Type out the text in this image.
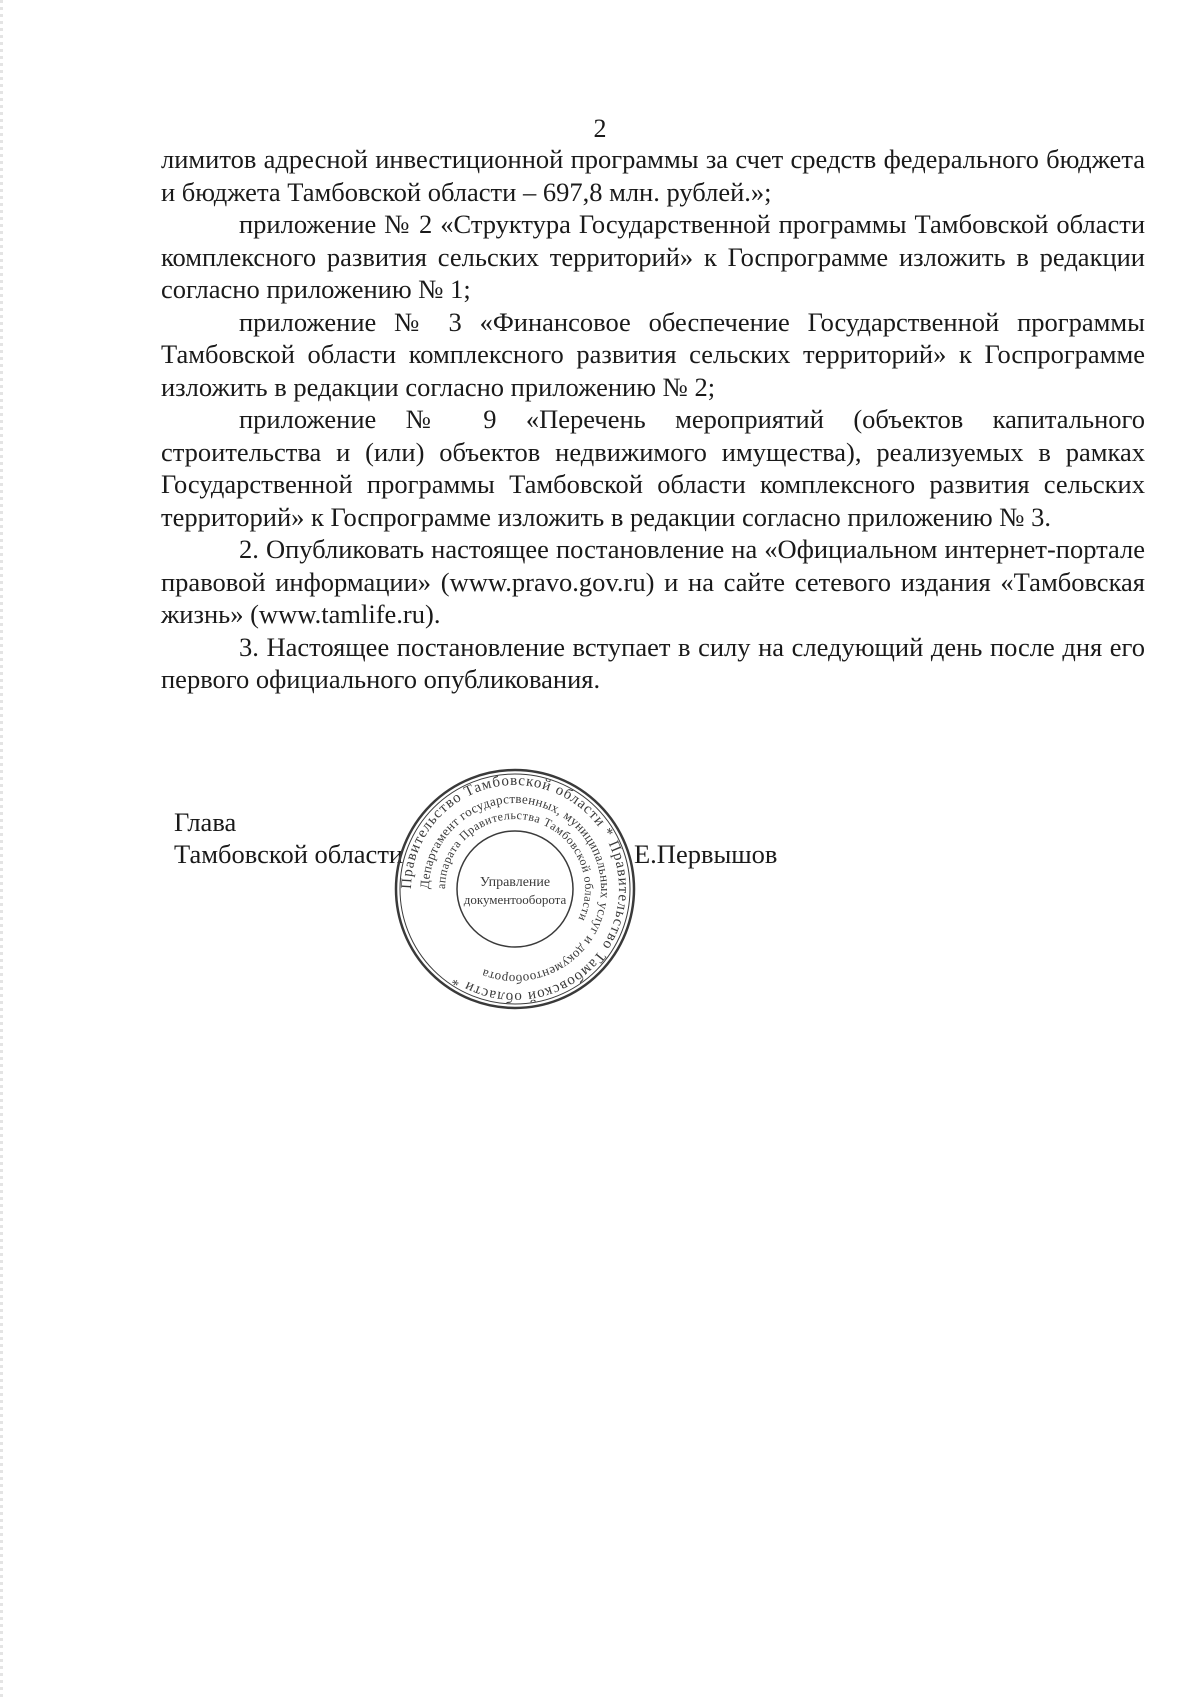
2

лимитов адресной инвестиционной программы за счет средств федерального бюджета и бюджета Тамбовской области – 697,8 млн. рублей.»;

приложение № 2 «Структура Государственной программы Тамбовской области комплексного развития сельских территорий» к Госпрограмме изложить в редакции согласно приложению № 1;

приложение № 3 «Финансовое обеспечение Государственной программы Тамбовской области комплексного развития сельских территорий» к Госпрограмме изложить в редакции согласно приложению № 2;

приложение № 9 «Перечень мероприятий (объектов капитального строительства и (или) объектов недвижимого имущества), реализуемых в рамках Государственной программы Тамбовской области комплексного развития сельских территорий» к Госпрограмме изложить в редакции согласно приложению № 3.

2. Опубликовать настоящее постановление на «Официальном интернет-портале правовой информации» (www.pravo.gov.ru) и на сайте сетевого издания «Тамбовская жизнь» (www.tamlife.ru).

3. Настоящее постановление вступает в силу на следующий день после дня его первого официального опубликования.

Глава
Тамбовской области	Е.Первышов
Правительство Тамбовской области * Правительство Тамбовской области *
Департамент государственных, муниципальных услуг и документооборота
аппарата Правительства Тамбовской области
Управление
документооборота
